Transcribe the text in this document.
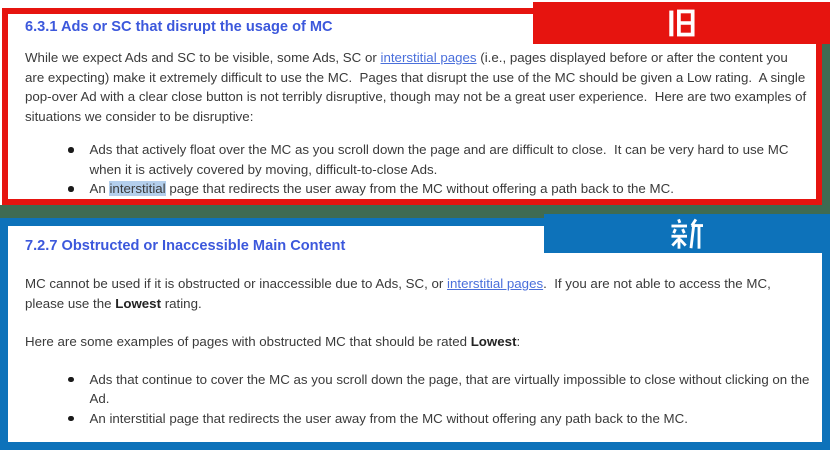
6.3.1 Ads or SC that disrupt the usage of MC

While we expect Ads and SC to be visible, some Ads, SC or interstitial pages (i.e., pages displayed before or after the content you are expecting) make it extremely difficult to use the MC.  Pages that disrupt the use of the MC should be given a Low rating.  A single pop-over Ad with a clear close button is not terribly disruptive, though may not be a great user experience.  Here are two examples of situations we consider to be disruptive:

Ads that actively float over the MC as you scroll down the page and are difficult to close.  It can be very hard to use MC when it is actively covered by moving, difficult-to-close Ads.
An interstitial page that redirects the user away from the MC without offering a path back to the MC.
7.2.7 Obstructed or Inaccessible Main Content

MC cannot be used if it is obstructed or inaccessible due to Ads, SC, or interstitial pages.  If you are not able to access the MC, please use the Lowest rating.

Here are some examples of pages with obstructed MC that should be rated Lowest:

Ads that continue to cover the MC as you scroll down the page, that are virtually impossible to close without clicking on the Ad.
An interstitial page that redirects the user away from the MC without offering any path back to the MC.
